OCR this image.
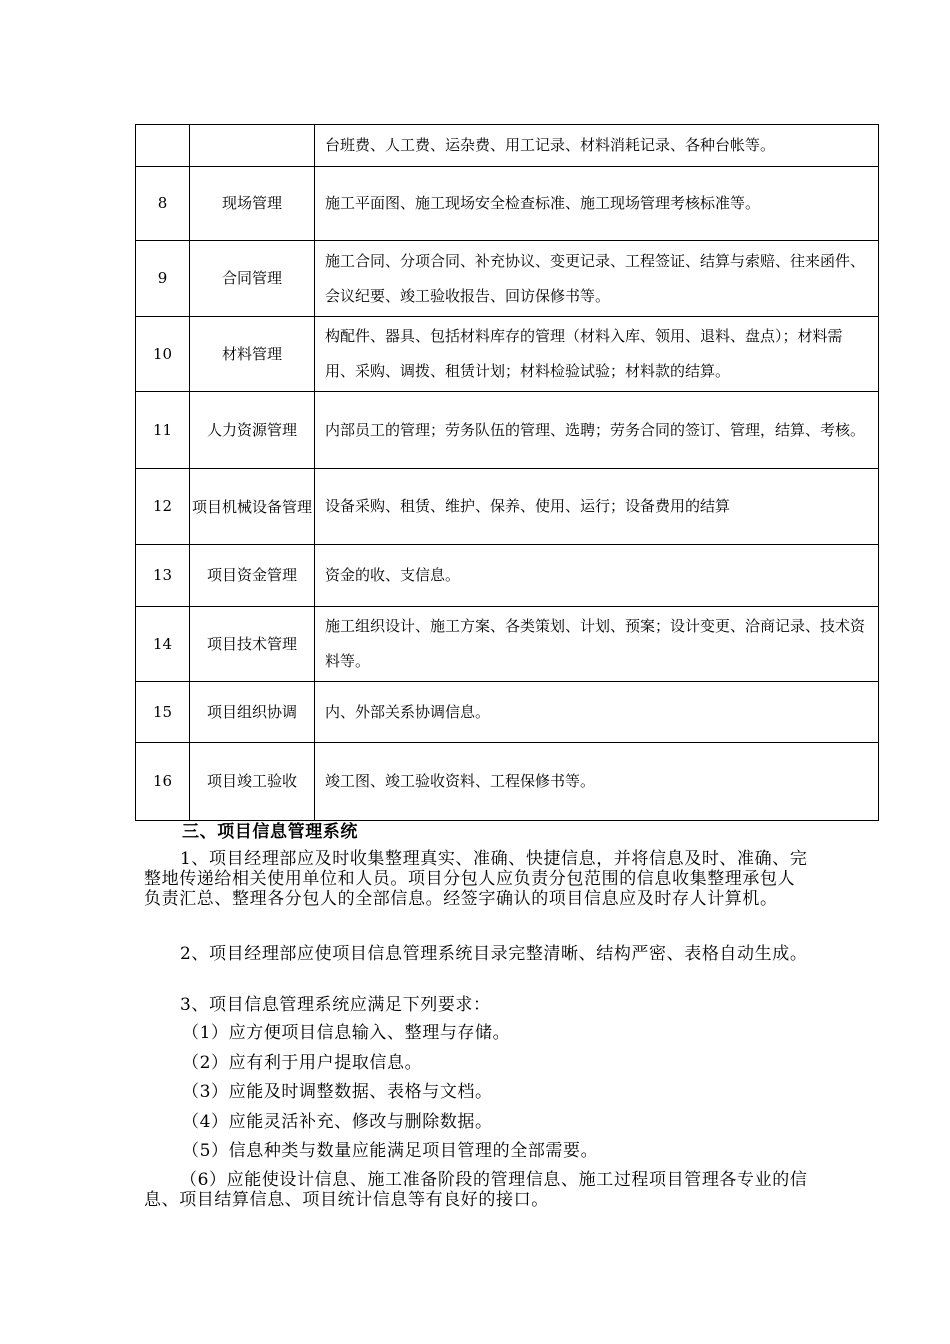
		台班费、人工费、运杂费、用工记录、材料消耗记录、各种台帐等。
8	现场管理	施工平面图、施工现场安全检查标准、施工现场管理考核标准等。
9	合同管理	施工合同、分项合同、补充协议、变更记录、工程签证、结算与索赔、往来函件、会议纪要、竣工验收报告、回访保修书等。
10	材料管理	构配件、器具、包括材料库存的管理（材料入库、领用、退料、盘点）；材料需用、采购、调拨、租赁计划；材料检验试验；材料款的结算。
11	人力资源管理	内部员工的管理；劳务队伍的管理、选聘；劳务合同的签订、管理，结算、考核。
12	项目机械设备管理	设备采购、租赁、维护、保养、使用、运行；设备费用的结算
13	项目资金管理	资金的收、支信息。
14	项目技术管理	施工组织设计、施工方案、各类策划、计划、预案；设计变更、洽商记录、技术资料等。
15	项目组织协调	内、外部关系协调信息。
16	项目竣工验收	竣工图、竣工验收资料、工程保修书等。
三、项目信息管理系统
1、项目经理部应及时收集整理真实、准确、快捷信息，并将信息及时、准确、完整地传递给相关使用单位和人员。项目分包人应负责分包范围的信息收集整理承包人负责汇总、整理各分包人的全部信息。经签字确认的项目信息应及时存人计算机。
2、项目经理部应使项目信息管理系统目录完整清晰、结构严密、表格自动生成。
3、项目信息管理系统应满足下列要求：
（1）应方便项目信息输入、整理与存储。
（2）应有利于用户提取信息。
（3）应能及时调整数据、表格与文档。
（4）应能灵活补充、修改与删除数据。
（5）信息种类与数量应能满足项目管理的全部需要。
（6）应能使设计信息、施工准备阶段的管理信息、施工过程项目管理各专业的信息、项目结算信息、项目统计信息等有良好的接口。
